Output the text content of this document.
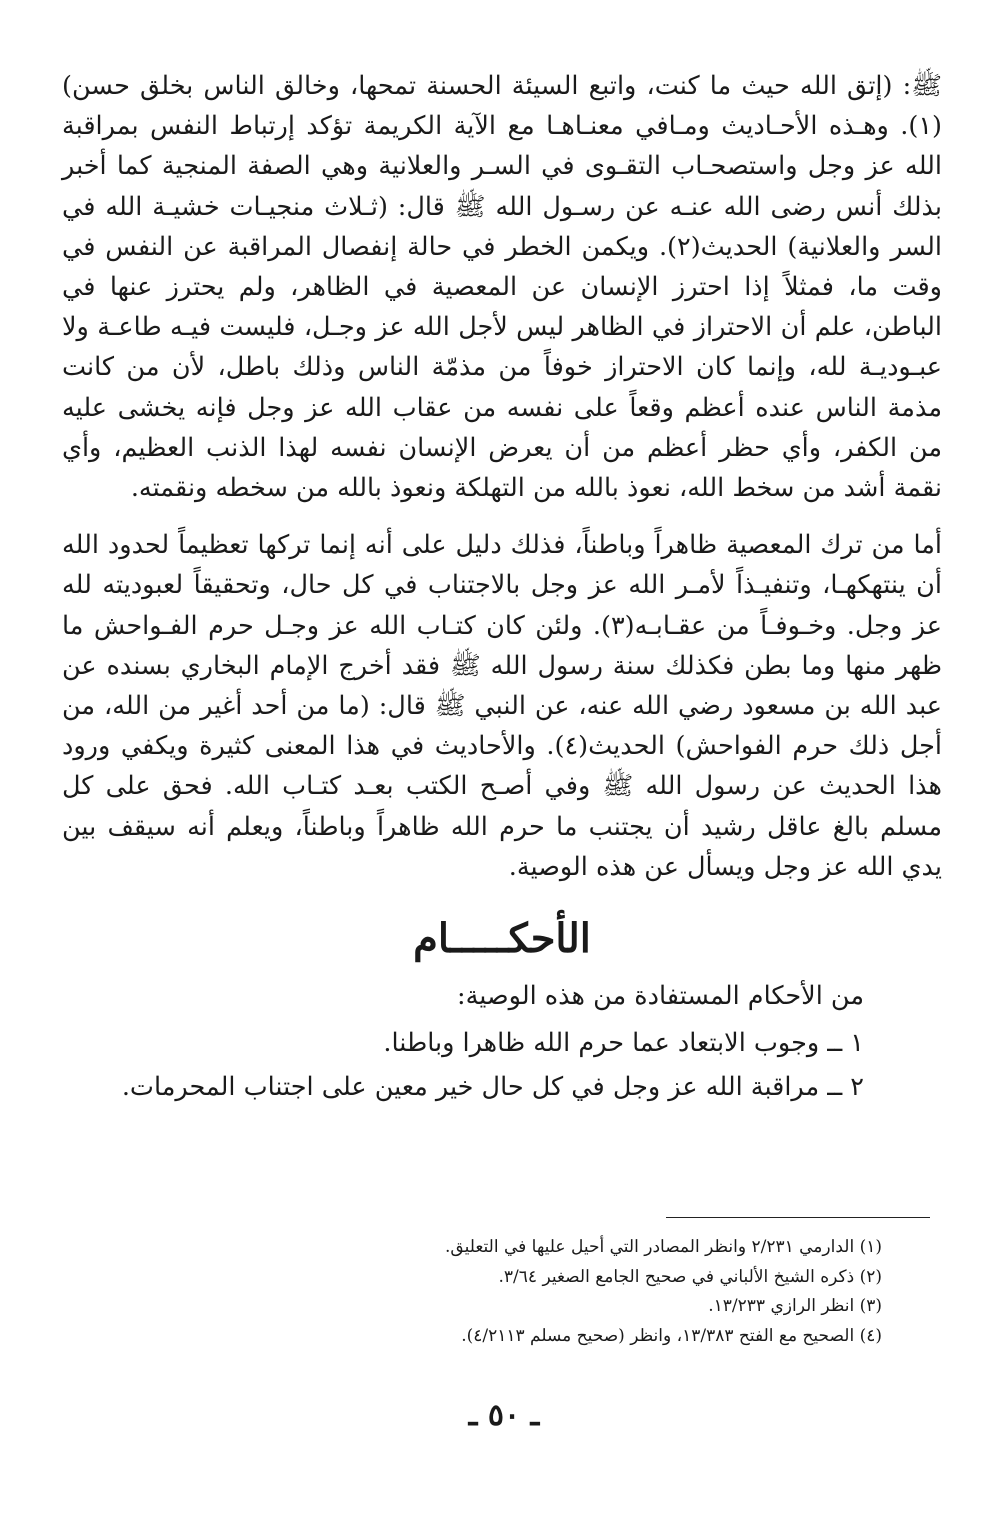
ﷺ: (إتق الله حيث ما كنت، واتبع السيئة الحسنة تمحها، وخالق الناس بخلق حسن)(١). وهـذه الأحـاديث ومـافي معنـاهـا مع الآية الكريمة تؤكد إرتباط النفس بمراقبة الله عز وجل واستصحـاب التقـوى في السـر والعلانية وهي الصفة المنجية كما أخبر بذلك أنس رضى الله عنـه عن رسـول الله ﷺ قال: (ثـلاث منجيـات خشيـة الله في السر والعلانية) الحديث(٢). ويكمن الخطر في حالة إنفصال المراقبة عن النفس في وقت ما، فمثلاً إذا احترز الإنسان عن المعصية في الظاهر، ولم يحترز عنها في الباطن، علم أن الاحتراز في الظاهر ليس لأجل الله عز وجـل، فليست فيـه طاعـة ولا عبـوديـة لله، وإنما كان الاحتراز خوفاً من مذمّة الناس وذلك باطل، لأن من كانت مذمة الناس عنده أعظم وقعاً على نفسه من عقاب الله عز وجل فإنه يخشى عليه من الكفر، وأي حظر أعظم من أن يعرض الإنسان نفسه لهذا الذنب العظيم، وأي نقمة أشد من سخط الله، نعوذ بالله من التهلكة ونعوذ بالله من سخطه ونقمته.

أما من ترك المعصية ظاهراً وباطناً، فذلك دليل على أنه إنما تركها تعظيماً لحدود الله أن ينتهكهـا، وتنفيـذاً لأمـر الله عز وجل بالاجتناب في كل حال، وتحقيقاً لعبوديته لله عز وجل. وخـوفـاً من عقـابـه(٣). ولئن كان كتـاب الله عز وجـل حرم الفـواحش ما ظهر منها وما بطن فكذلك سنة رسول الله ﷺ فقد أخرج الإمام البخاري بسنده عن عبد الله بن مسعود رضي الله عنه، عن النبي ﷺ قال: (ما من أحد أغير من الله، من أجل ذلك حرم الفواحش) الحديث(٤). والأحاديث في هذا المعنى كثيرة ويكفي ورود هذا الحديث عن رسول الله ﷺ وفي أصـح الكتب بعـد كتـاب الله. فحق على كل مسلم بالغ عاقل رشيد أن يجتنب ما حرم الله ظاهراً وباطناً، ويعلم أنه سيقف بين يدي الله عز وجل ويسأل عن هذه الوصية.

الأحكـــــام

من الأحكام المستفادة من هذه الوصية:

١ ــ وجوب الابتعاد عما حرم الله ظاهرا وباطنا.
٢ ــ مراقبة الله عز وجل في كل حال خير معين على اجتناب المحرمات.
(١) الدارمي ٢/٢٣١ وانظر المصادر التي أحيل عليها في التعليق.
(٢) ذكره الشيخ الألباني في صحيح الجامع الصغير ٣/٦٤.
(٣) انظر الرازي ١٣/٢٣٣.
(٤) الصحيح مع الفتح ١٣/٣٨٣، وانظر (صحيح مسلم ٤/٢١١٣).
ـ ٥٠ ـ
